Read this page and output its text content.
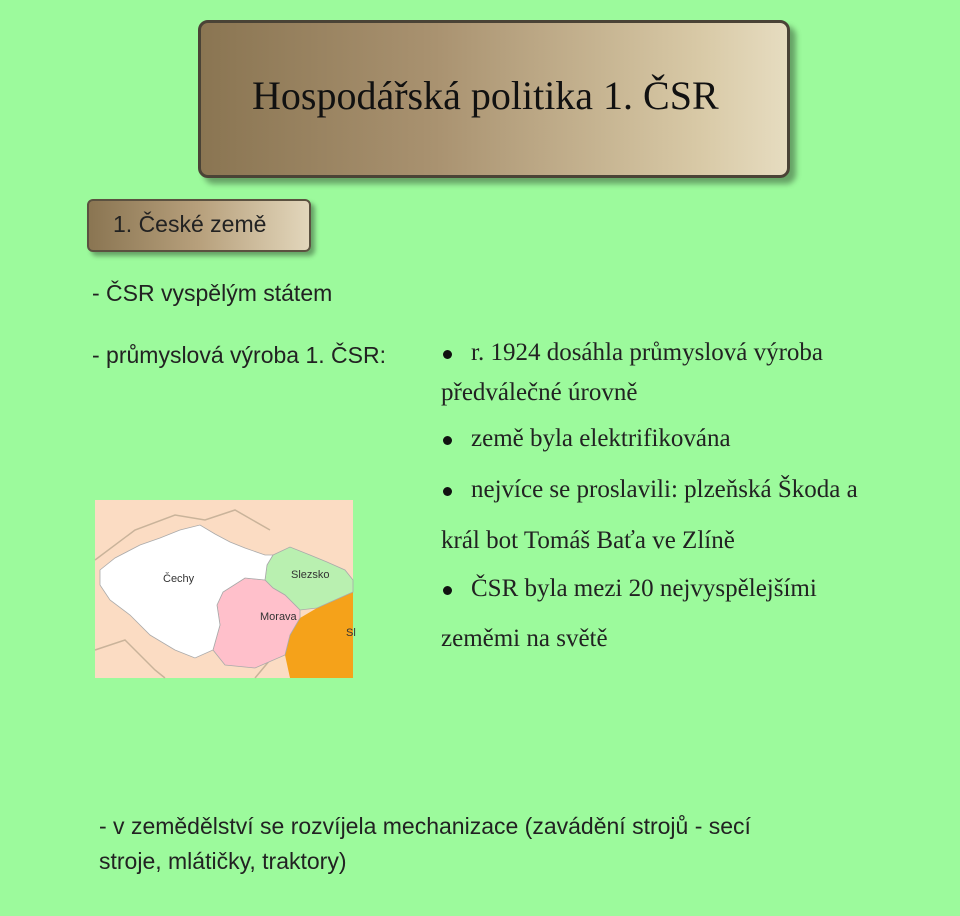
Hospodářská politika 1. ČSR
1. České země
- ČSR vyspělým státem
- průmyslová výroba 1. ČSR:	r. 1924 dosáhla průmyslová výroba
předválečné úrovně
země byla elektrifikována
nejvíce se proslavili: plzeňská Škoda a
král bot Tomáš Baťa ve Zlíně
ČSR byla mezi 20 nejvyspělejšími
zeměmi na světě
Čechy
Morava
Slezsko
Sl
- v zemědělství se rozvíjela mechanizace (zavádění strojů - secí
stroje, mlátičky, traktory)
